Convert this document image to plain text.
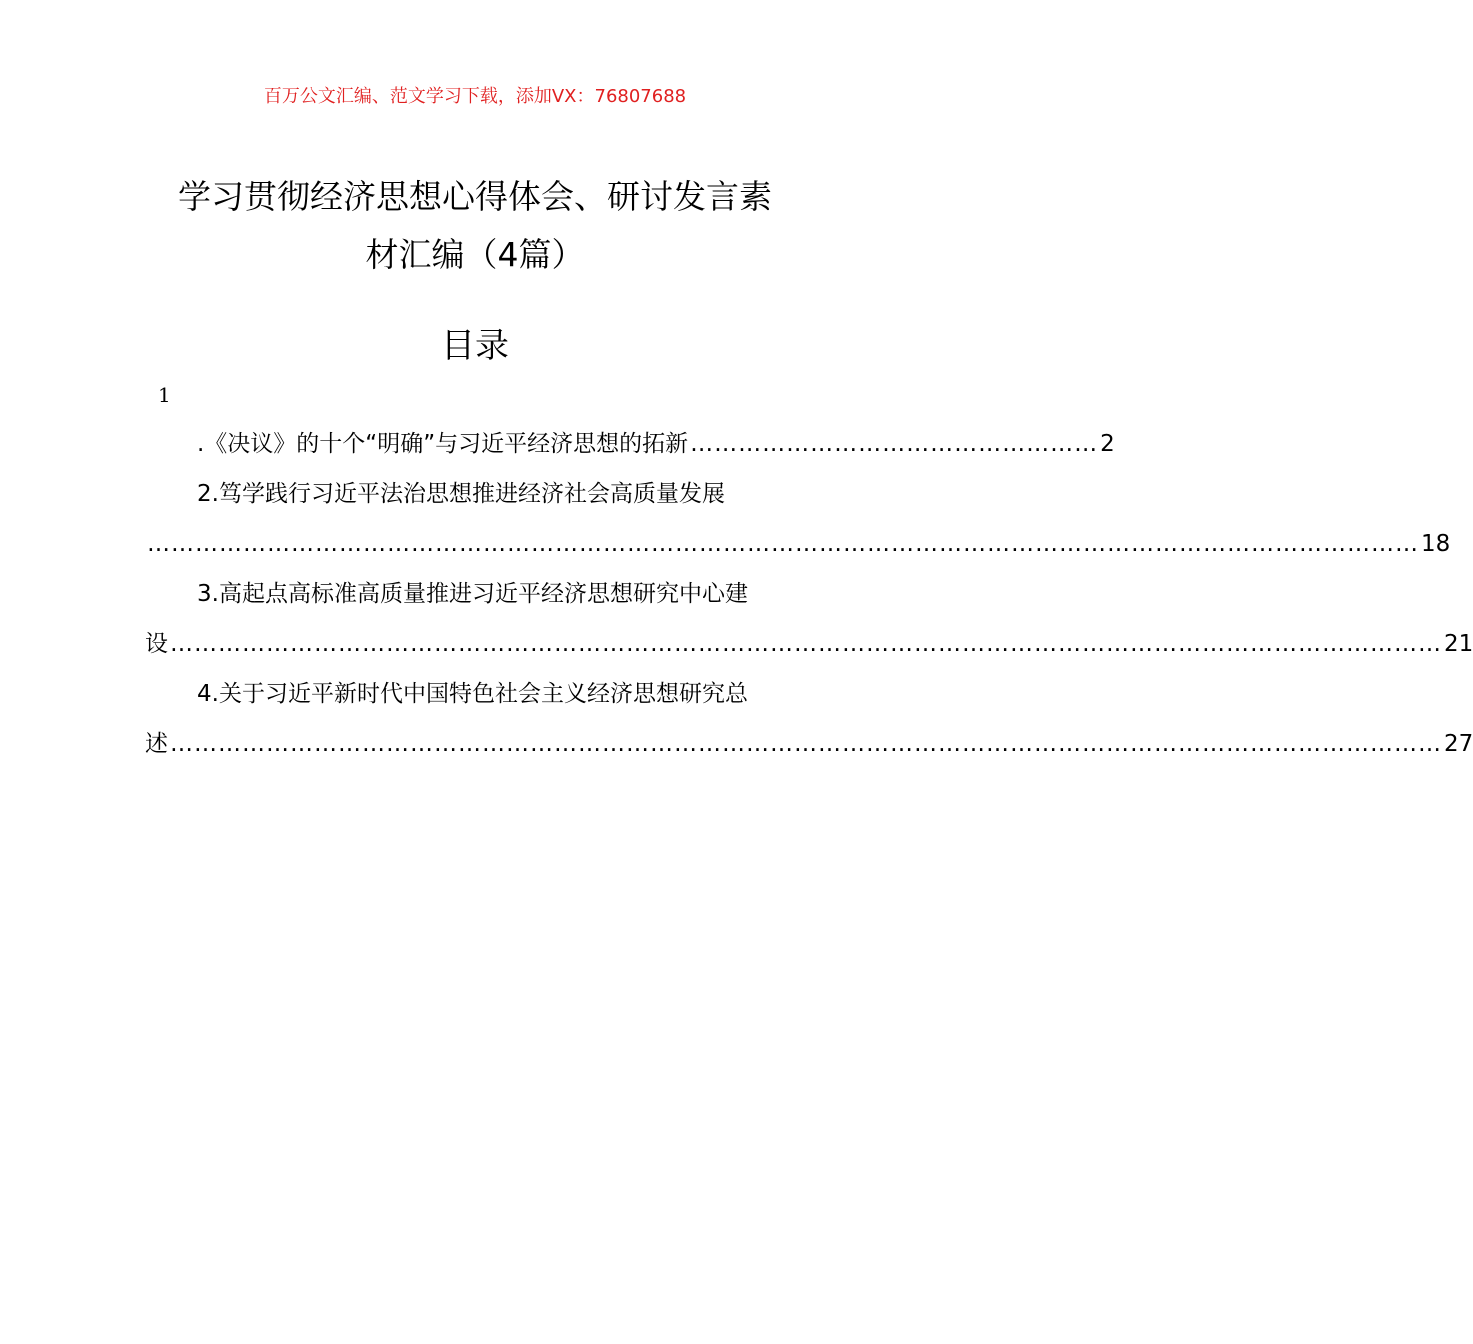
百万公文汇编、范文学习下载，添加VX：76807688
学习贯彻经济思想心得体会、研讨发言素
材汇编（4篇）
目录
1
.《决议》的十个“明确”与习近平经济思想的拓新 …………………………………………… 2
2.笃学践行习近平法治思想推进经济社会高质量发展
…………………………………………………………………………………………………………………………………………… 18
3.高起点高标准高质量推进习近平经济思想研究中心建
设 …………………………………………………………………………………………………………………………………………… 21
4.关于习近平新时代中国特色社会主义经济思想研究总
述 …………………………………………………………………………………………………………………………………………… 27
